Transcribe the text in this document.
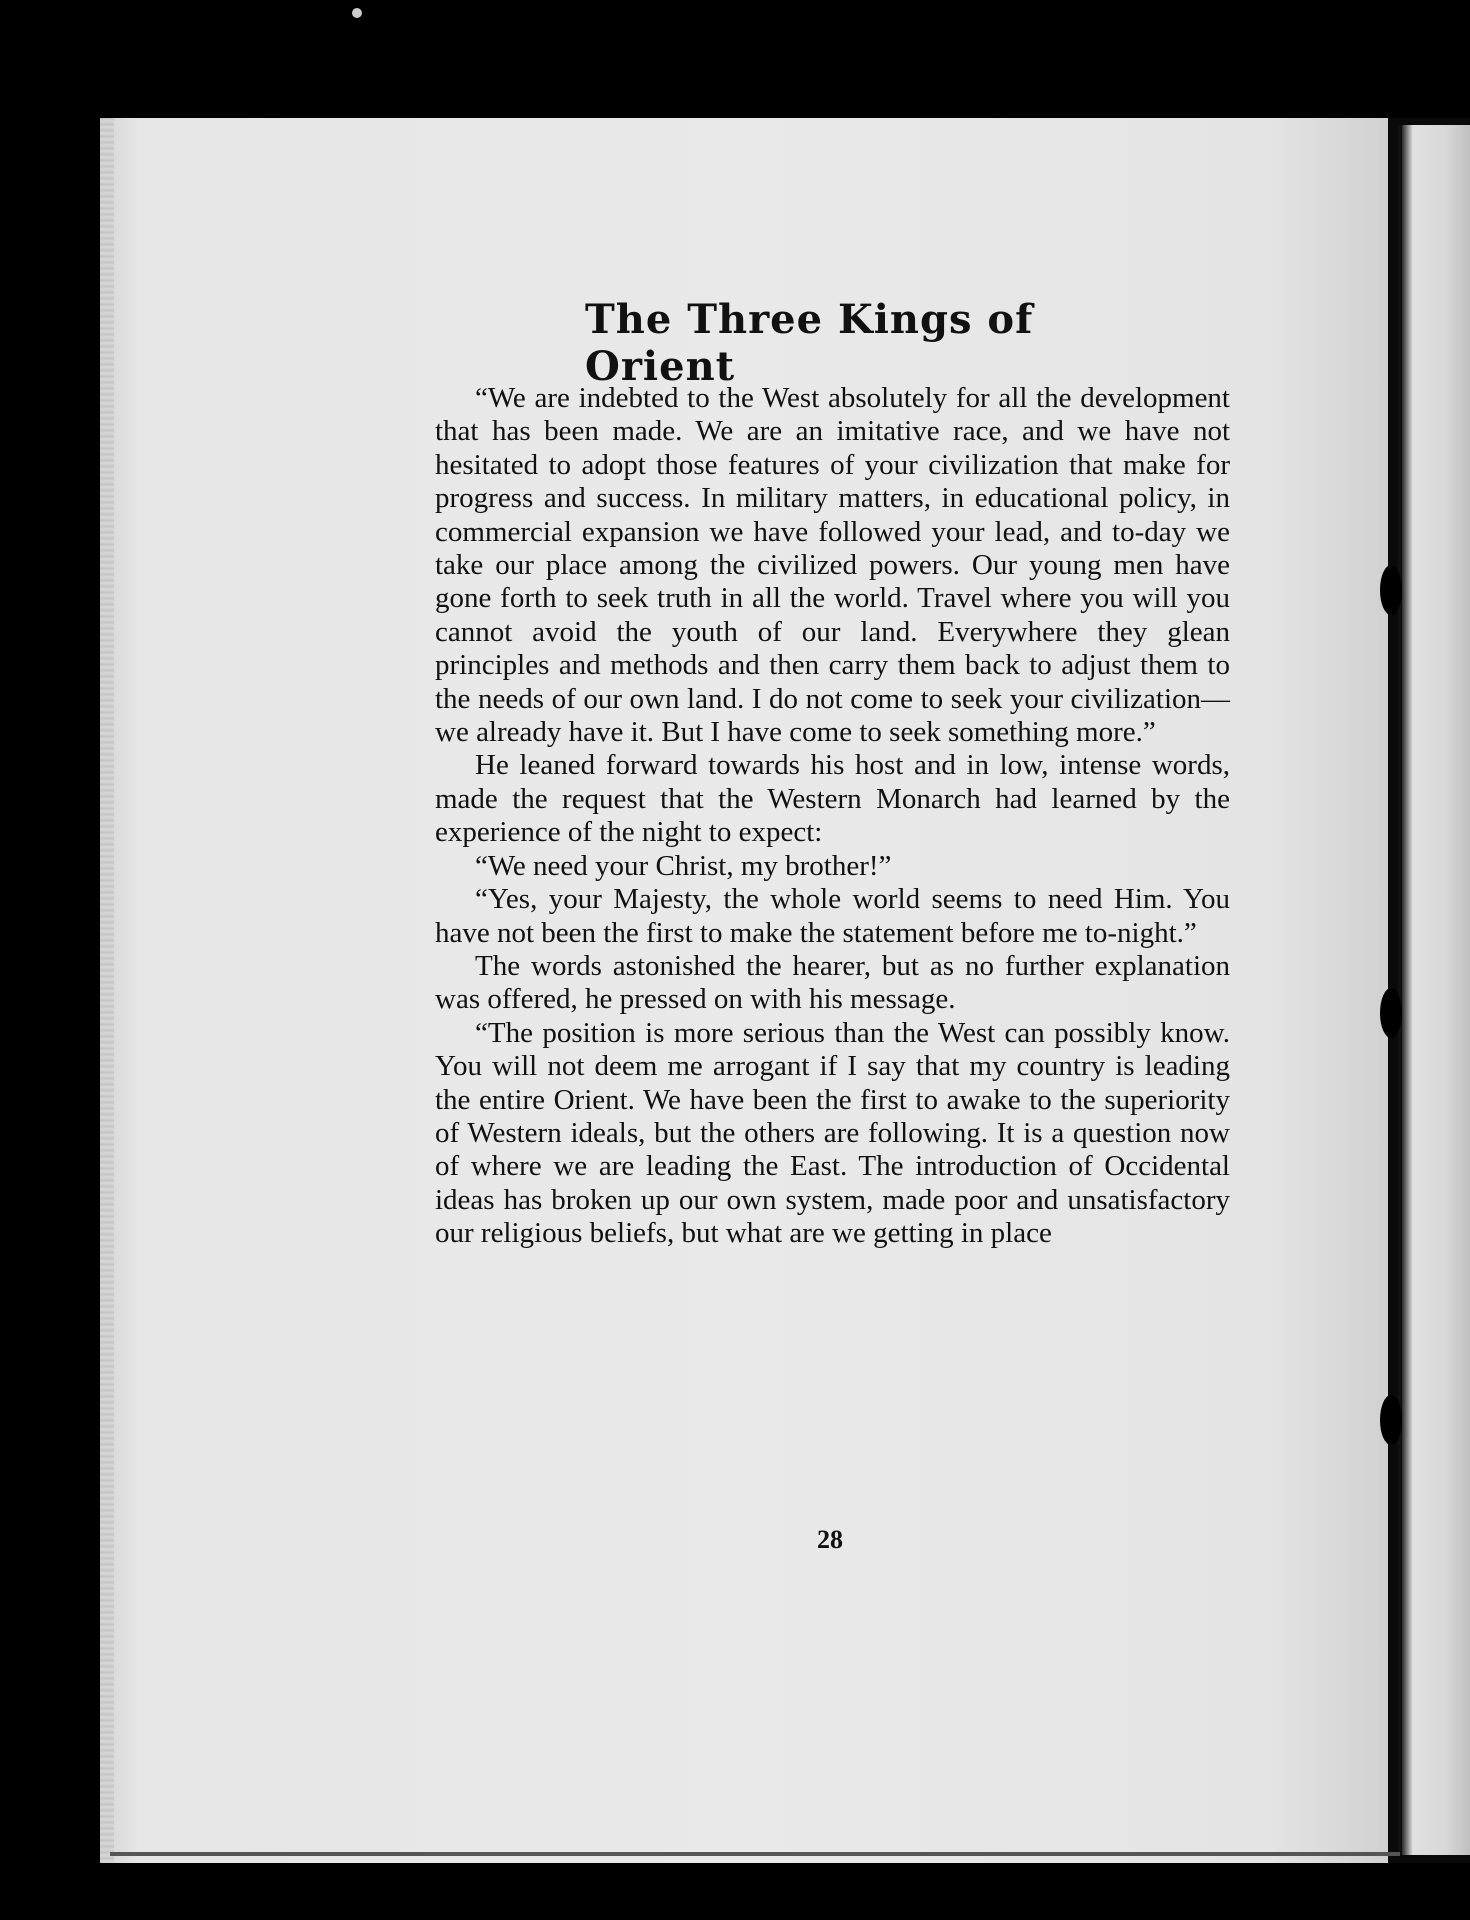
The Three Kings of Orient

“We are indebted to the West absolutely for all the development that has been made. We are an imitative race, and we have not hesitated to adopt those features of your civilization that make for progress and success. In military matters, in educational policy, in commercial expansion we have followed your lead, and to-day we take our place among the civilized powers. Our young men have gone forth to seek truth in all the world. Travel where you will you cannot avoid the youth of our land. Everywhere they glean principles and methods and then carry them back to adjust them to the needs of our own land. I do not come to seek your civilization—we already have it. But I have come to seek something more.”

He leaned forward towards his host and in low, intense words, made the request that the Western Monarch had learned by the experience of the night to expect:

“We need your Christ, my brother!”

“Yes, your Majesty, the whole world seems to need Him. You have not been the first to make the statement before me to-night.”

The words astonished the hearer, but as no further explanation was offered, he pressed on with his message.

“The position is more serious than the West can possibly know. You will not deem me arrogant if I say that my country is leading the entire Orient. We have been the first to awake to the superiority of Western ideals, but the others are following. It is a question now of where we are leading the East. The introduction of Occidental ideas has broken up our own system, made poor and unsatisfactory our religious beliefs, but what are we getting in place

28
